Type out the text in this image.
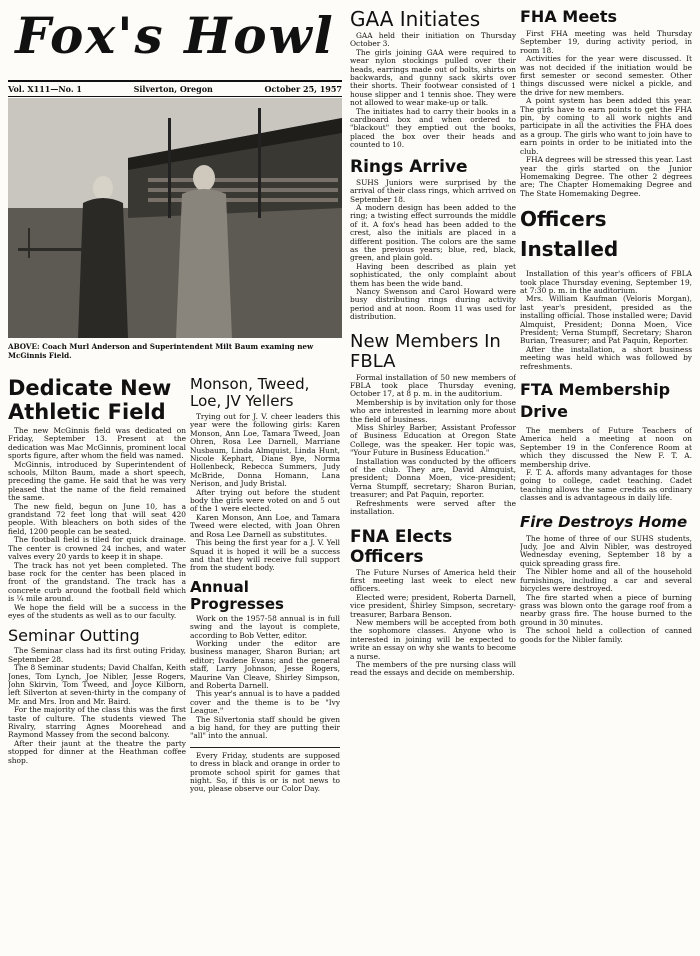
Fox's Howl
Vol. X111—No. 1	Silverton, Oregon	October 25, 1957
ABOVE: Coach Murl Anderson and Superintendent Milt Baum examing new McGinnis Field.
Dedicate New Athletic Field

The new McGinnis field was dedicated on Friday, September 13. Present at the dedication was Mac McGinnis, prominent local sports figure, after whom the field was named.

McGinnis, introduced by Superintendent of schools, Milton Baum, made a short speech, preceding the game. He said that he was very pleased that the name of the field remained the same.

The new field, begun on June 10, has a grandstand 72 feet long that will seat 420 people. With bleachers on both sides of the field, 1200 people can be seated.

The football field is tiled for quick drainage. The center is crowned 24 inches, and water valves every 20 yards to keep it in shape.

The track has not yet been completed. The base rock for the center has been placed in front of the grandstand. The track has a concrete curb around the football field which is ¼ mile around.

We hope the field will be a success in the eyes of the students as well as to our faculty.

Seminar Outting

The Seminar class had its first outing Friday, September 28.

The 8 Seminar students; David Chalfan, Keith Jones, Tom Lynch, Joe Nibler, Jesse Rogers, John Skirvin, Tom Tweed, and Joyce Kilborn, left Silverton at seven-thirty in the company of Mr. and Mrs. Iron and Mr. Baird.

For the majority of the class this was the first taste of culture. The students viewed The Rivalry, starring Agnes Moorehead and Raymond Massey from the second balcony.

After their jaunt at the theatre the party stopped for dinner at the Heathman coffee shop.

Monson, Tweed, Loe, JV Yellers

Trying out for J. V. cheer leaders this year were the following girls: Karen Monson, Ann Loe, Tamara Tweed, Joan Ohren, Rosa Lee Darnell, Marriane Nusbaum, Linda Almquist, Linda Hunt, Nicole Kephart, Diane Bye, Norma Hollenbeck, Rebecca Summers, Judy McBride, Donna Homann, Lana Nerison, and Judy Bristal.

After trying out before the student body the girls were voted on and 5 out of the 1 were elected.

Karen Monson, Ann Loe, and Tamara Tweed were elected, with Joan Ohren and Rosa Lee Darnell as substitutes.

This being the first year for a J. V. Yell Squad it is hoped it will be a success and that they will receive full support from the student body.

Annual Progresses

Work on the 1957-58 annual is in full swing and the layout is complete, according to Bob Vetter, editor.

Working under the editor are business manager, Sharon Burian; art editor; Ivadene Evans; and the general staff, Larry Johnson, Jesse Rogers, Maurine Van Cleave, Shirley Simpson, and Roberta Darnell.

This year's annual is to have a padded cover and the theme is to be "Ivy League."

The Silvertonia staff should be given a big hand, for they are putting their "all" into the annual.

Every Friday, students are supposed to dress in black and orange in order to promote school spirit for games that night. So, if this is or is not news to you, please observe our Color Day.

GAA Initiates

GAA held their initiation on Thursday October 3.

The girls joining GAA were required to wear nylon stockings pulled over their heads, earrings made out of bolts, shirts on backwards, and gunny sack skirts over their shorts. Their footwear consisted of 1 house slipper and 1 tennis shoe. They were not allowed to wear make-up or talk.

The initiates had to carry their books in a cardboard box and when ordered to "blackout" they emptied out the books, placed the box over their heads and counted to 10.

Rings Arrive

SUHS Juniors were surprised by the arrival of their class rings, which arrived on September 18.

A modern design has been added to the ring; a twisting effect surrounds the middle of it. A fox's head has been added to the crest, also the initials are placed in a different position. The colors are the same as the previous years; blue, red, black, green, and plain gold.

Having been described as plain yet sophisticated, the only complaint about them has been the wide band.

Nancy Swenson and Carol Howard were busy distributing rings during activity period and at noon. Room 11 was used for distribution.

New Members In FBLA

Formal installation of 50 new members of FBLA took place Thursday evening, October 17, at 8 p. m. in the auditorium.

Membership is by invitation only for those who are interested in learning more about the field of business.

Miss Shirley Barber, Assistant Professor of Business Education at Oregon State College, was the speaker. Her topic was, "Your Future in Business Education."

Installation was conducted by the officers of the club. They are, David Almquist, president; Donna Moen, vice-president; Verna Stumpff, secretary; Sharon Burian, treasurer; and Pat Paquin, reporter.

Refreshments were served after the installation.

FNA Elects Officers

The Future Nurses of America held their first meeting last week to elect new officers.

Elected were; president, Roberta Darnell, vice president, Shirley Simpson, secretary-treasurer, Barbara Benson.

New members will be accepted from both the sophomore classes. Anyone who is interested in joining will be expected to write an essay on why she wants to become a nurse.

The members of the pre nursing class will read the essays and decide on membership.

FHA Meets

First FHA meeting was held Thursday September 19, during activity period, in room 18.

Activities for the year were discussed. It was not decided if the initiation would be first semester or second semester. Other things discussed were nickel a pickle, and the drive for new members.

A point system has been added this year. The girls have to earn points to get the FHA pin, by coming to all work nights and participate in all the activities the FHA does as a group. The girls who want to join have to earn points in order to be initiated into the club.

FHA degrees will be stressed this year. Last year the girls started on the Junior Homemaking Degree. The other 2 degrees are; The Chapter Homemaking Degree and The State Homemaking Degree.

Officers Installed

Installation of this year's officers of FBLA took place Thursday evening, September 19, at 7:30 p. m. in the auditorium.

Mrs. William Kaufman (Veloris Morgan), last year's president, presided as the installing official. Those installed were; David Almquist, President; Donna Moen, Vice President; Verna Stumpff, Secretary; Sharon Burian, Treasurer; and Pat Paquin, Reporter.

After the installation, a short business meeting was held which was followed by refreshments.

FTA Membership Drive

The members of Future Teachers of America held a meeting at noon on September 19 in the Conference Room at which they discussed the New F. T. A. membership drive.

F. T. A. affords many advantages for those going to college, cadet teaching. Cadet teaching allows the same credits as ordinary classes and is advantageous in daily life.

Fire Destroys Home

The home of three of our SUHS students, Judy, Joe and Alvin Nibler, was destroyed Wednesday evening, September 18 by a quick spreading grass fire.

The Nibler home and all of the household furnishings, including a car and several bicycles were destroyed.

The fire started when a piece of burning grass was blown onto the garage roof from a nearby grass fire. The house burned to the ground in 30 minutes.

The school held a collection of canned goods for the Nibler family.
